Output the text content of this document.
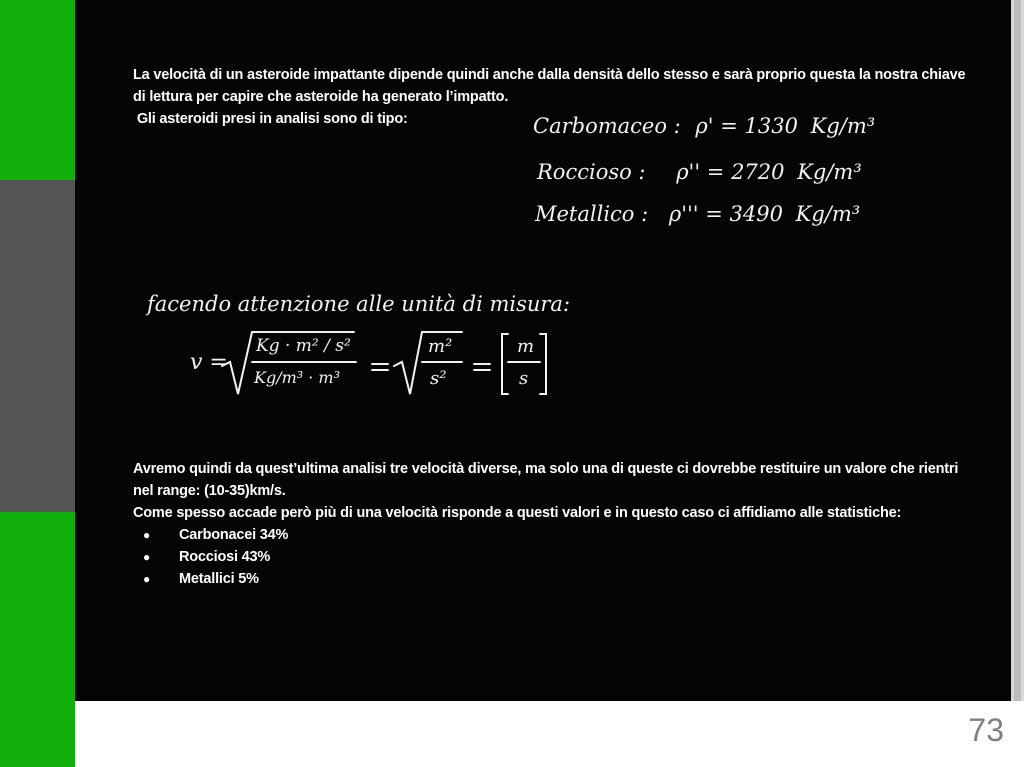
La velocità di un asteroide impattante dipende quindi anche dalla densità dello stesso e sarà proprio questa la nostra chiave di lettura per capire che asteroide ha generato l’impatto.
Gli asteroidi presi in analisi sono di tipo:	Carbomaceo : ρ' = 1330 Kg/m³
Roccioso : ρ'' = 2720 Kg/m³
Metallico : ρ''' = 3490 Kg/m³
facendo attenzione alle unità di misura:
v =
Kg · m² / s²
Kg/m³ · m³
m²
s²
m
s
Avremo quindi da quest’ultima analisi tre velocità diverse, ma solo una di queste ci dovrebbe restituire un valore che rientri nel range: (10-35)km/s.
Come spesso accade però più di una velocità risponde a questi valori e in questo caso ci affidiamo alle statistiche:
● Carbonacei 34%
● Rocciosi 43%
● Metallici 5%
73
